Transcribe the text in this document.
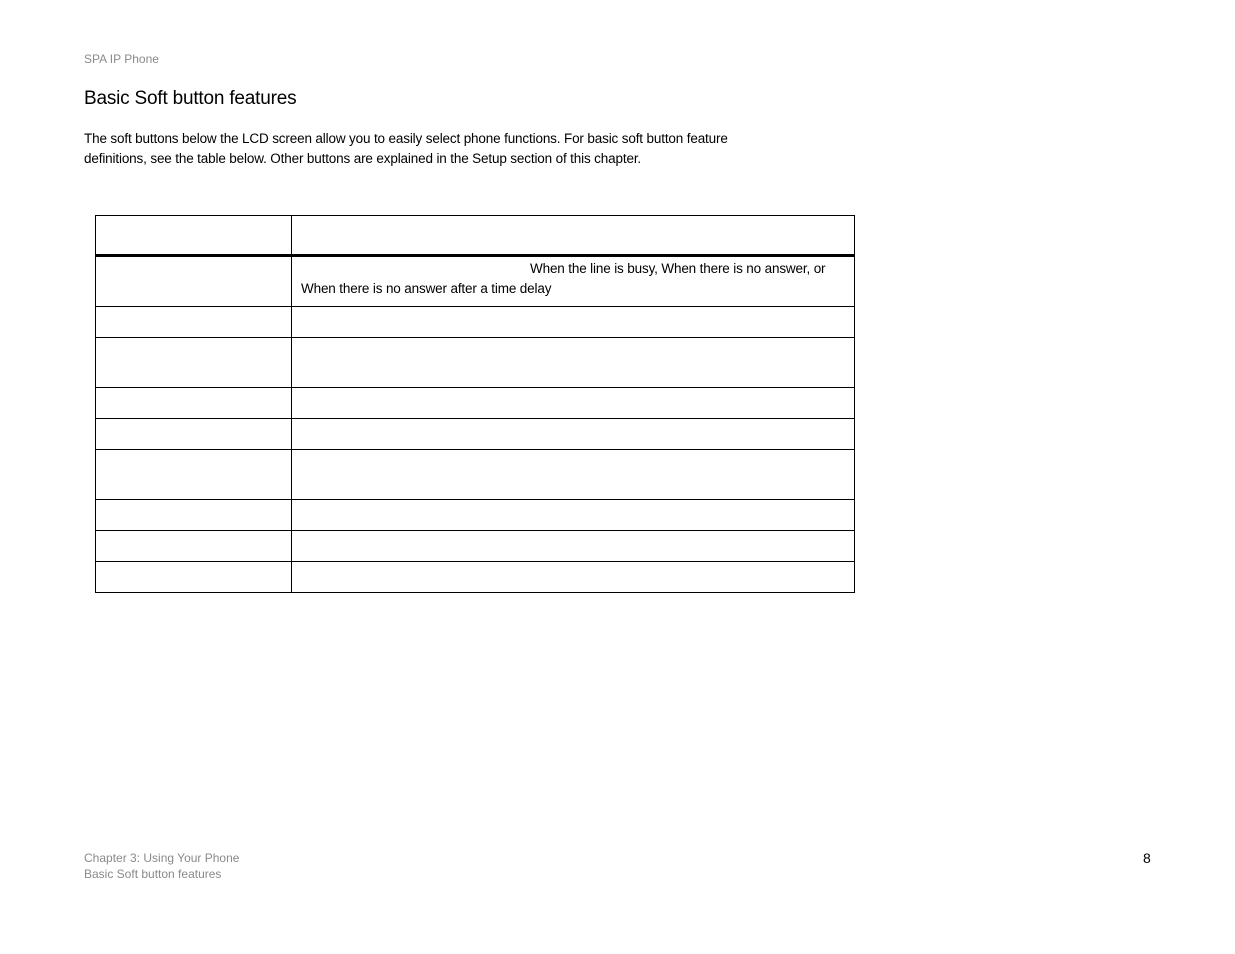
SPA IP Phone
Basic Soft button features

The soft buttons below the LCD screen allow you to easily select phone functions. For basic soft button feature definitions, see the table below. Other buttons are explained in the Setup section of this chapter.

	When the line is busy, When there is no answer, or When there is no answer after a time delay

Chapter 3: Using Your Phone
Basic Soft button features
8
